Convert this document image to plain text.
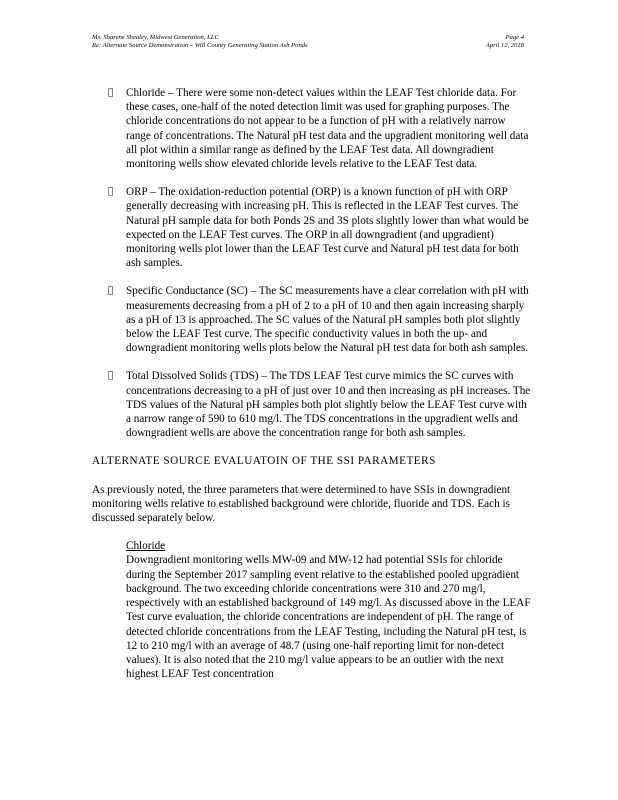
Ms. Sharene Shealey, Midwest Generation, LLC	Page 4
Re: Alternate Source Demonstration – Will County Generating Station Ash Ponds	April 12, 2018

Chloride – There were some non-detect values within the LEAF Test chloride data. For these cases, one-half of the noted detection limit was used for graphing purposes. The chloride concentrations do not appear to be a function of pH with a relatively narrow range of concentrations. The Natural pH test data and the upgradient monitoring well data all plot within a similar range as defined by the LEAF Test data. All downgradient monitoring wells show elevated chloride levels relative to the LEAF Test data.

ORP – The oxidation-reduction potential (ORP) is a known function of pH with ORP generally decreasing with increasing pH. This is reflected in the LEAF Test curves. The Natural pH sample data for both Ponds 2S and 3S plots slightly lower than what would be expected on the LEAF Test curves. The ORP in all downgradient (and upgradient) monitoring wells plot lower than the LEAF Test curve and Natural pH test data for both ash samples.

Specific Conductance (SC) – The SC measurements have a clear correlation with pH with measurements decreasing from a pH of 2 to a pH of 10 and then again increasing sharply as a pH of 13 is approached. The SC values of the Natural pH samples both plot slightly below the LEAF Test curve. The specific conductivity values in both the up- and downgradient monitoring wells plots below the Natural pH test data for both ash samples.

Total Dissolved Solids (TDS) – The TDS LEAF Test curve mimics the SC curves with concentrations decreasing to a pH of just over 10 and then increasing as pH increases. The TDS values of the Natural pH samples both plot slightly below the LEAF Test curve with a narrow range of 590 to 610 mg/l. The TDS concentrations in the upgradient wells and downgradient wells are above the concentration range for both ash samples.

ALTERNATE SOURCE EVALUATOIN OF THE SSI PARAMETERS

As previously noted, the three parameters that were determined to have SSIs in downgradient monitoring wells relative to established background were chloride, fluoride and TDS. Each is discussed separately below.

Chloride

Downgradient monitoring wells MW-09 and MW-12 had potential SSIs for chloride during the September 2017 sampling event relative to the established pooled upgradient background. The two exceeding chloride concentrations were 310 and 270 mg/l, respectively with an established background of 149 mg/l. As discussed above in the LEAF Test curve evaluation, the chloride concentrations are independent of pH. The range of detected chloride concentrations from the LEAF Testing, including the Natural pH test, is 12 to 210 mg/l with an average of 48.7 (using one-half reporting limit for non-detect values). It is also noted that the 210 mg/l value appears to be an outlier with the next highest LEAF Test concentration
